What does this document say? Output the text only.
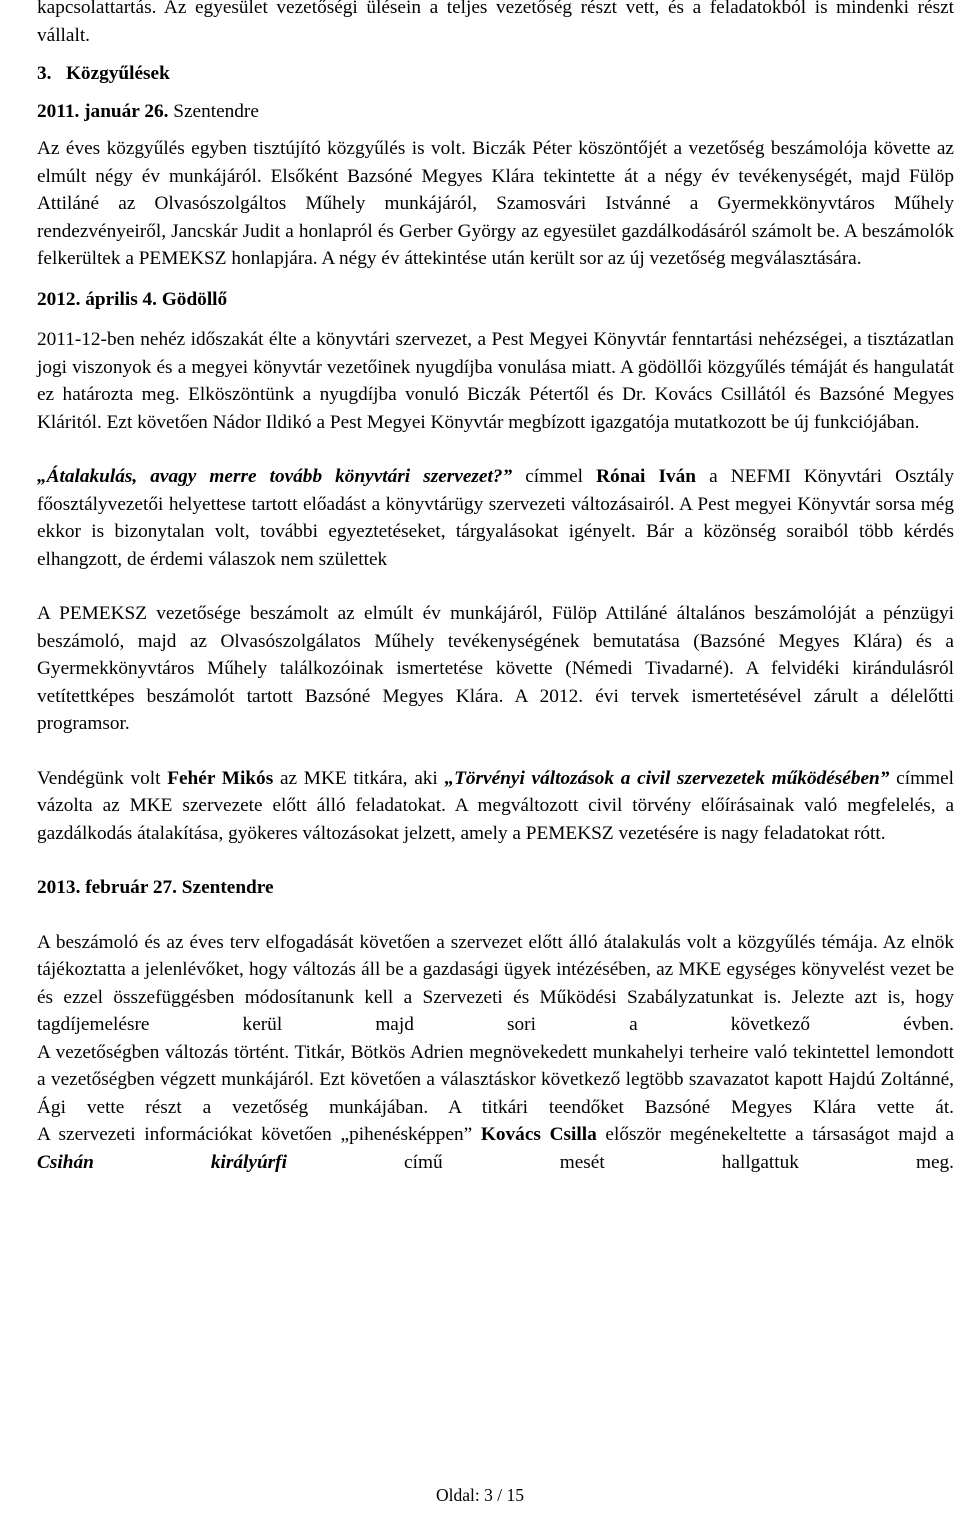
kapcsolattartás. Az egyesület vezetőségi ülésein a teljes vezetőség részt vett, és a feladatokból is mindenki részt vállalt.

3. Közgyűlések

2011. január 26. Szentendre

Az éves közgyűlés egyben tisztújító közgyűlés is volt. Biczák Péter köszöntőjét a vezetőség beszámolója követte az elmúlt négy év munkájáról. Elsőként Bazsóné Megyes Klára tekintette át a négy év tevékenységét, majd Fülöp Attiláné az Olvasószolgáltos Műhely munkájáról, Szamosvári Istvánné a Gyermekkönyvtáros Műhely rendezvényeiről, Jancskár Judit a honlapról és Gerber György az egyesület gazdálkodásáról számolt be. A beszámolók felkerültek a PEMEKSZ honlapjára. A négy év áttekintése után került sor az új vezetőség megválasztására.

2012. április 4. Gödöllő

2011-12-ben nehéz időszakát élte a könyvtári szervezet, a Pest Megyei Könyvtár fenntartási nehézségei, a tisztázatlan jogi viszonyok és a megyei könyvtár vezetőinek nyugdíjba vonulása miatt. A gödöllői közgyűlés témáját és hangulatát ez határozta meg. Elköszöntünk a nyugdíjba vonuló Biczák Pétertől és Dr. Kovács Csillától és Bazsóné Megyes Kláritól. Ezt követően Nádor Ildikó a Pest Megyei Könyvtár megbízott igazgatója mutatkozott be új funkciójában.

„Átalakulás, avagy merre tovább könyvtári szervezet?” címmel Rónai Iván a NEFMI Könyvtári Osztály főosztályvezetői helyettese tartott előadást a könyvtárügy szervezeti változásairól. A Pest megyei Könyvtár sorsa még ekkor is bizonytalan volt, további egyeztetéseket, tárgyalásokat igényelt. Bár a közönség soraiból több kérdés elhangzott, de érdemi válaszok nem születtek

A PEMEKSZ vezetősége beszámolt az elmúlt év munkájáról, Fülöp Attiláné általános beszámolóját a pénzügyi beszámoló, majd az Olvasószolgálatos Műhely tevékenységének bemutatása (Bazsóné Megyes Klára) és a Gyermekkönyvtáros Műhely találkozóinak ismertetése követte (Némedi Tivadarné). A felvidéki kirándulásról vetítettképes beszámolót tartott Bazsóné Megyes Klára. A 2012. évi tervek ismertetésével zárult a délelőtti programsor.

Vendégünk volt Fehér Mikós az MKE titkára, aki „Törvényi változások a civil szervezetek működésében” címmel vázolta az MKE szervezete előtt álló feladatokat. A megváltozott civil törvény előírásainak való megfelelés, a gazdálkodás átalakítása, gyökeres változásokat jelzett, amely a PEMEKSZ vezetésére is nagy feladatokat rótt.

2013. február 27. Szentendre

A beszámoló és az éves terv elfogadását követően a szervezet előtt álló átalakulás volt a közgyűlés témája. Az elnök tájékoztatta a jelenlévőket, hogy változás áll be a gazdasági ügyek intézésében, az MKE egységes könyvelést vezet be és ezzel összefüggésben módosítanunk kell a Szervezeti és Működési Szabályzatunkat is. Jelezte azt is, hogy tagdíjemelésre kerül majd sori a következő évben.

A vezetőségben változás történt. Titkár, Bötkös Adrien megnövekedett munkahelyi terheire való tekintettel lemondott a vezetőségben végzett munkájáról. Ezt követően a választáskor következő legtöbb szavazatot kapott Hajdú Zoltánné, Ági vette részt a vezetőség munkájában. A titkári teendőket Bazsóné Megyes Klára vette át.

A szervezeti információkat követően „pihenésképpen” Kovács Csilla először megénekeltette a társaságot majd a Csihán királyúrfi című mesét hallgattuk meg.

Oldal: 3 / 15
